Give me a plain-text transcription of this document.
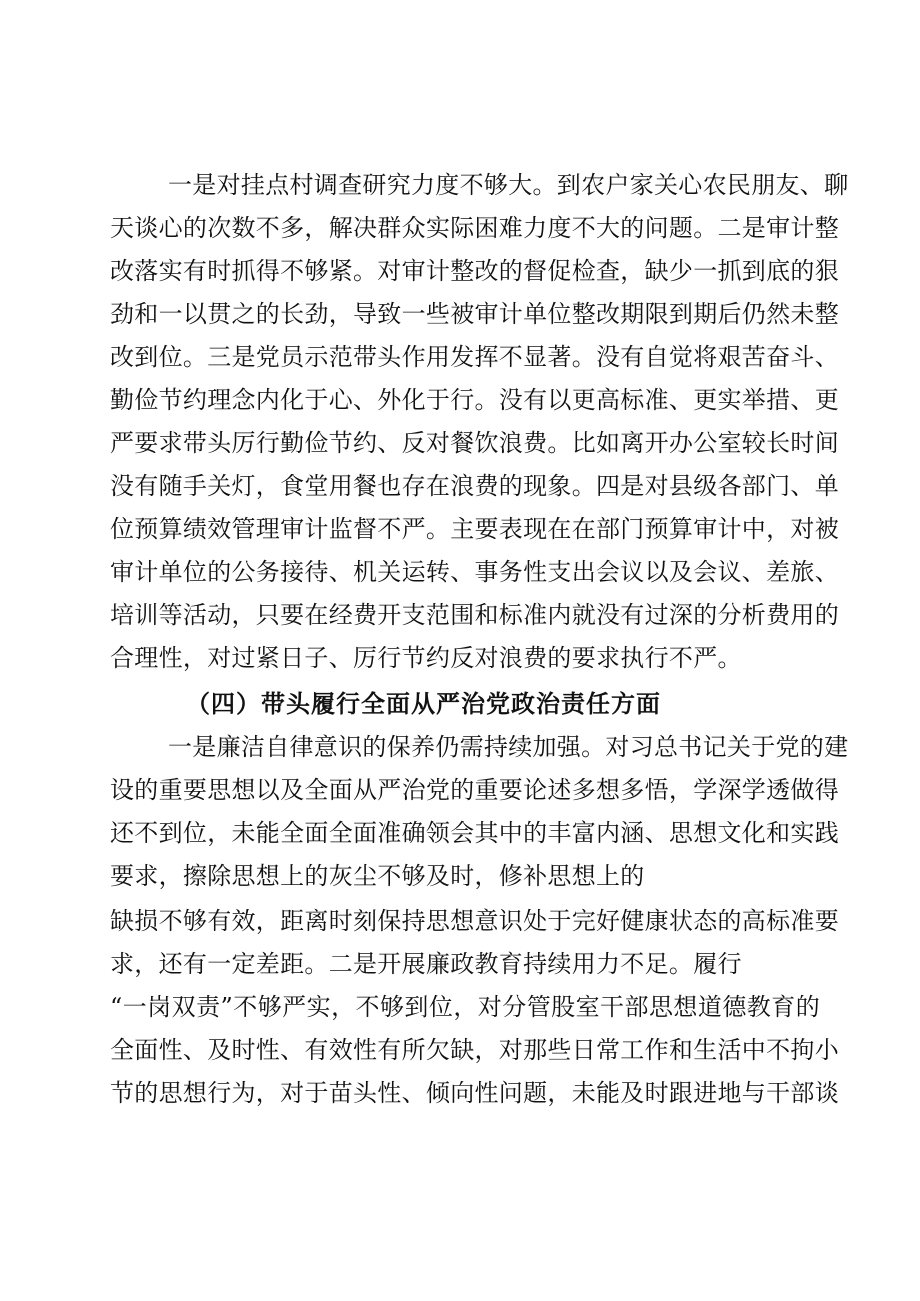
一是对挂点村调查研究力度不够大。到农户家关心农民朋友、聊
天谈心的次数不多，解决群众实际困难力度不大的问题。二是审计整
改落实有时抓得不够紧。对审计整改的督促检查，缺少一抓到底的狠
劲和一以贯之的长劲，导致一些被审计单位整改期限到期后仍然未整
改到位。三是党员示范带头作用发挥不显著。没有自觉将艰苦奋斗、
勤俭节约理念内化于心、外化于行。没有以更高标准、更实举措、更
严要求带头厉行勤俭节约、反对餐饮浪费。比如离开办公室较长时间
没有随手关灯，食堂用餐也存在浪费的现象。四是对县级各部门、单
位预算绩效管理审计监督不严。主要表现在在部门预算审计中，对被
审计单位的公务接待、机关运转、事务性支出会议以及会议、差旅、
培训等活动，只要在经费开支范围和标准内就没有过深的分析费用的
合理性，对过紧日子、厉行节约反对浪费的要求执行不严。
（四）带头履行全面从严治党政治责任方面
一是廉洁自律意识的保养仍需持续加强。对习总书记关于党的建
设的重要思想以及全面从严治党的重要论述多想多悟，学深学透做得
还不到位，未能全面全面准确领会其中的丰富内涵、思想文化和实践
要求，擦除思想上的灰尘不够及时，修补思想上的
缺损不够有效，距离时刻保持思想意识处于完好健康状态的高标准要
求，还有一定差距。二是开展廉政教育持续用力不足。履行
“一岗双责”不够严实，不够到位，对分管股室干部思想道德教育的
全面性、及时性、有效性有所欠缺，对那些日常工作和生活中不拘小
节的思想行为，对于苗头性、倾向性问题，未能及时跟进地与干部谈
